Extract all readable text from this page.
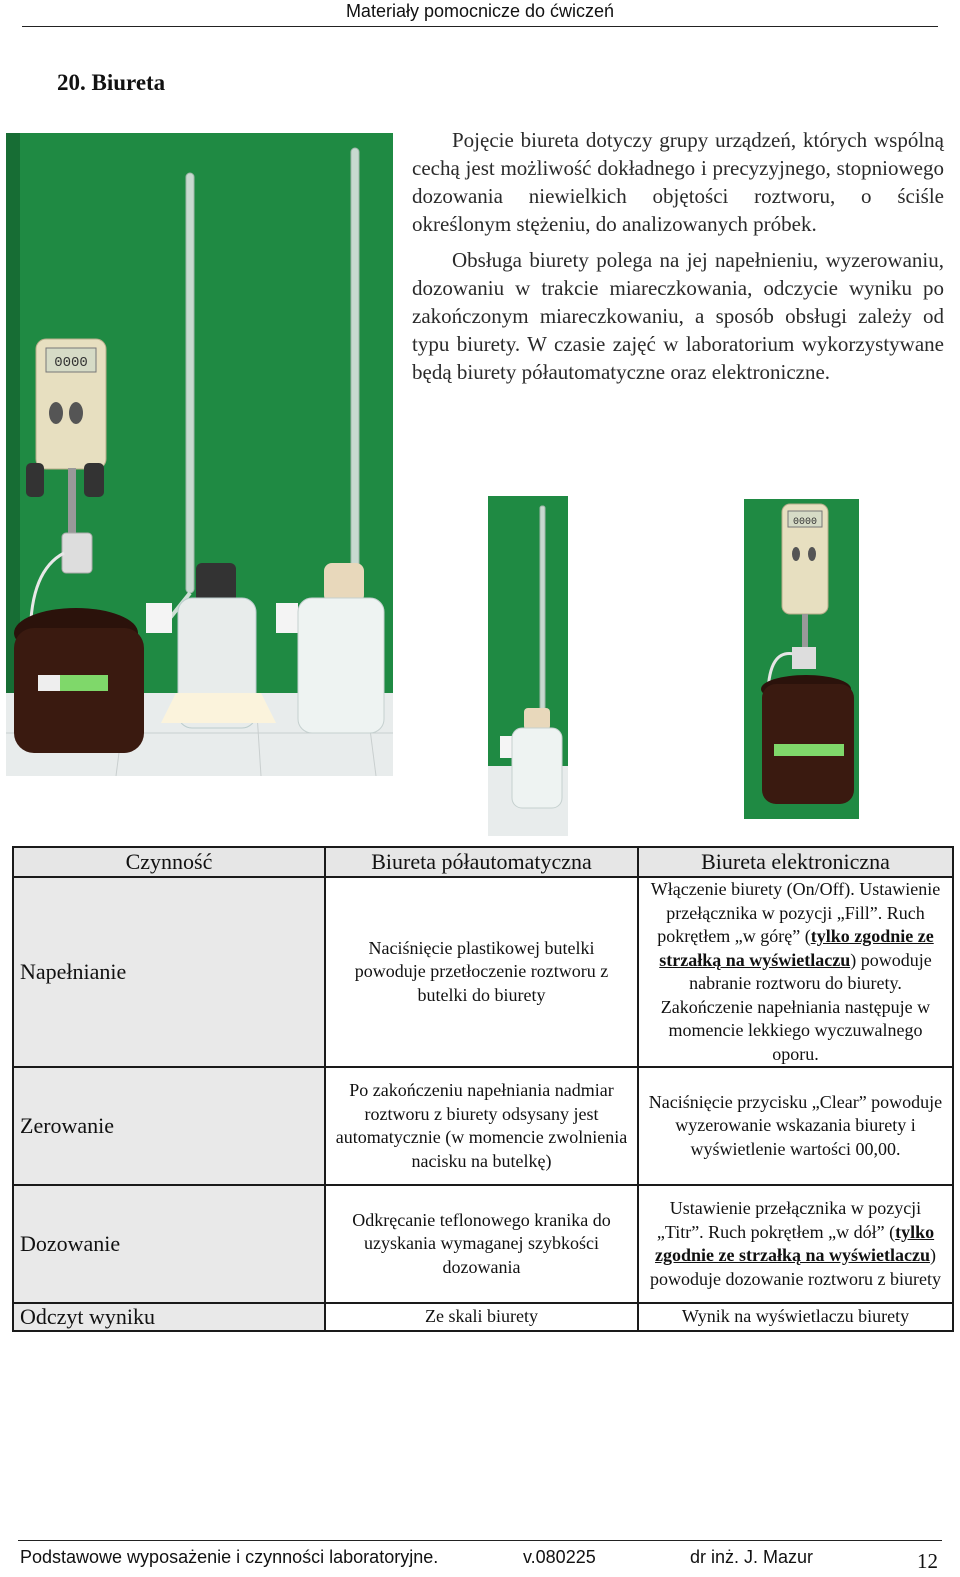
Materiały pomocnicze do ćwiczeń
20. Biureta
0000

Pojęcie biureta dotyczy grupy urządzeń, których wspólną cechą jest możliwość dokładnego i precyzyjnego, stopniowego dozowania niewielkich objętości roztworu, o ściśle określonym stężeniu, do analizowanych próbek.

Obsługa biurety polega na jej napełnieniu, wyzerowaniu, dozowaniu w trakcie miareczkowania, odczycie wyniku po zakończonym miareczkowaniu, a sposób obsługi zależy od typu biurety. W czasie zajęć w laboratorium wykorzystywane będą biurety półautomatyczne oraz elektroniczne.

0000
Czynność	Biureta półautomatyczna	Biureta elektroniczna
Napełnianie	Naciśnięcie plastikowej butelki powoduje przetłoczenie roztworu z butelki do biurety	Włączenie biurety (On/Off). Ustawienie przełącznika w pozycji „Fill”. Ruch pokrętłem „w górę” (tylko zgodnie ze strzałką na wyświetlaczu) powoduje nabranie roztworu do biurety. Zakończenie napełniania następuje w momencie lekkiego wyczuwalnego oporu.
Zerowanie	Po zakończeniu napełniania nadmiar roztworu z biurety odsysany jest automatycznie (w momencie zwolnienia nacisku na butelkę)	Naciśnięcie przycisku „Clear” powoduje wyzerowanie wskazania biurety i wyświetlenie wartości 00,00.
Dozowanie	Odkręcanie teflonowego kranika do uzyskania wymaganej szybkości dozowania	Ustawienie przełącznika w pozycji „Titr”. Ruch pokrętłem „w dół” (tylko zgodnie ze strzałką na wyświetlaczu) powoduje dozowanie roztworu z biurety
Odczyt wyniku	Ze skali biurety	Wynik na wyświetlaczu biurety
Podstawowe wyposażenie i czynności laboratoryjne.	v.080225	dr inż. J. Mazur	12
